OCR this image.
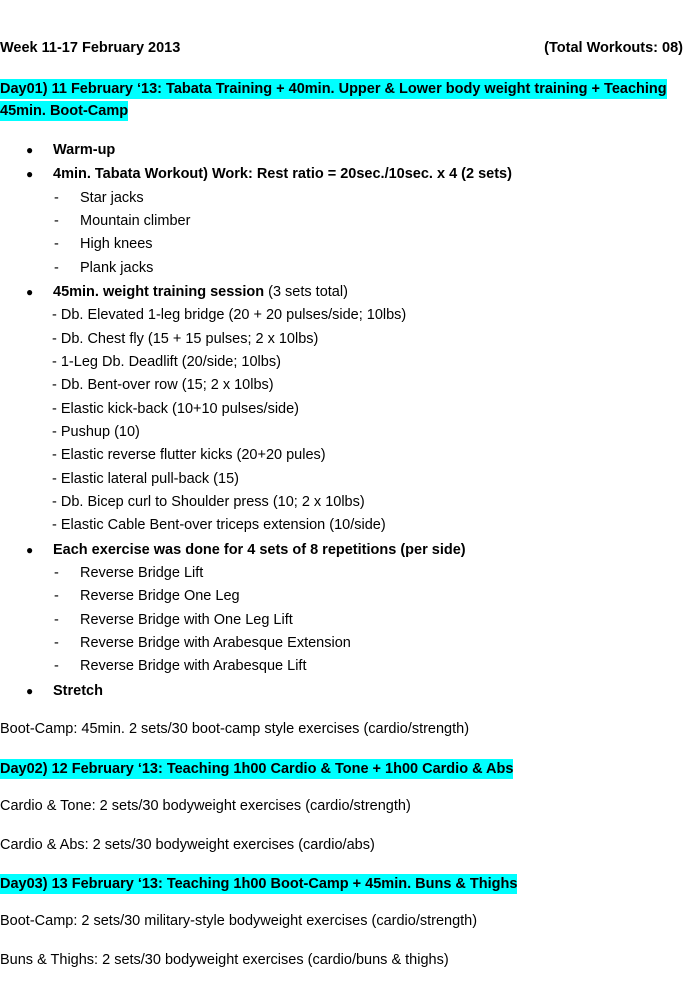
Week 11-17 February 2013	(Total Workouts: 08)
Day01) 11 February ‘13: Tabata Training + 40min. Upper & Lower body weight training + Teaching
45min. Boot-Camp
● Warm-up
● 4min. Tabata Workout) Work: Rest ratio = 20sec./10sec. x 4 (2 sets)
- Star jacks
- Mountain climber
- High knees
- Plank jacks
● 45min. weight training session (3 sets total)
- Db. Elevated 1-leg bridge (20 + 20 pulses/side; 10lbs)
- Db. Chest fly (15 + 15 pulses; 2 x 10lbs)
- 1-Leg Db. Deadlift (20/side; 10lbs)
- Db. Bent-over row (15; 2 x 10lbs)
- Elastic kick-back (10+10 pulses/side)
- Pushup (10)
- Elastic reverse flutter kicks (20+20 pules)
- Elastic lateral pull-back (15)
- Db. Bicep curl to Shoulder press (10; 2 x 10lbs)
- Elastic Cable Bent-over triceps extension (10/side)
● Each exercise was done for 4 sets of 8 repetitions (per side)
- Reverse Bridge Lift
- Reverse Bridge One Leg
- Reverse Bridge with One Leg Lift
- Reverse Bridge with Arabesque Extension
- Reverse Bridge with Arabesque Lift
● Stretch
Boot-Camp: 45min. 2 sets/30 boot-camp style exercises (cardio/strength)
Day02) 12 February ‘13: Teaching 1h00 Cardio & Tone + 1h00 Cardio & Abs
Cardio & Tone: 2 sets/30 bodyweight exercises (cardio/strength)
Cardio & Abs: 2 sets/30 bodyweight exercises (cardio/abs)
Day03) 13 February ‘13: Teaching 1h00 Boot-Camp + 45min. Buns & Thighs
Boot-Camp: 2 sets/30 military-style bodyweight exercises (cardio/strength)
Buns & Thighs: 2 sets/30 bodyweight exercises (cardio/buns & thighs)
